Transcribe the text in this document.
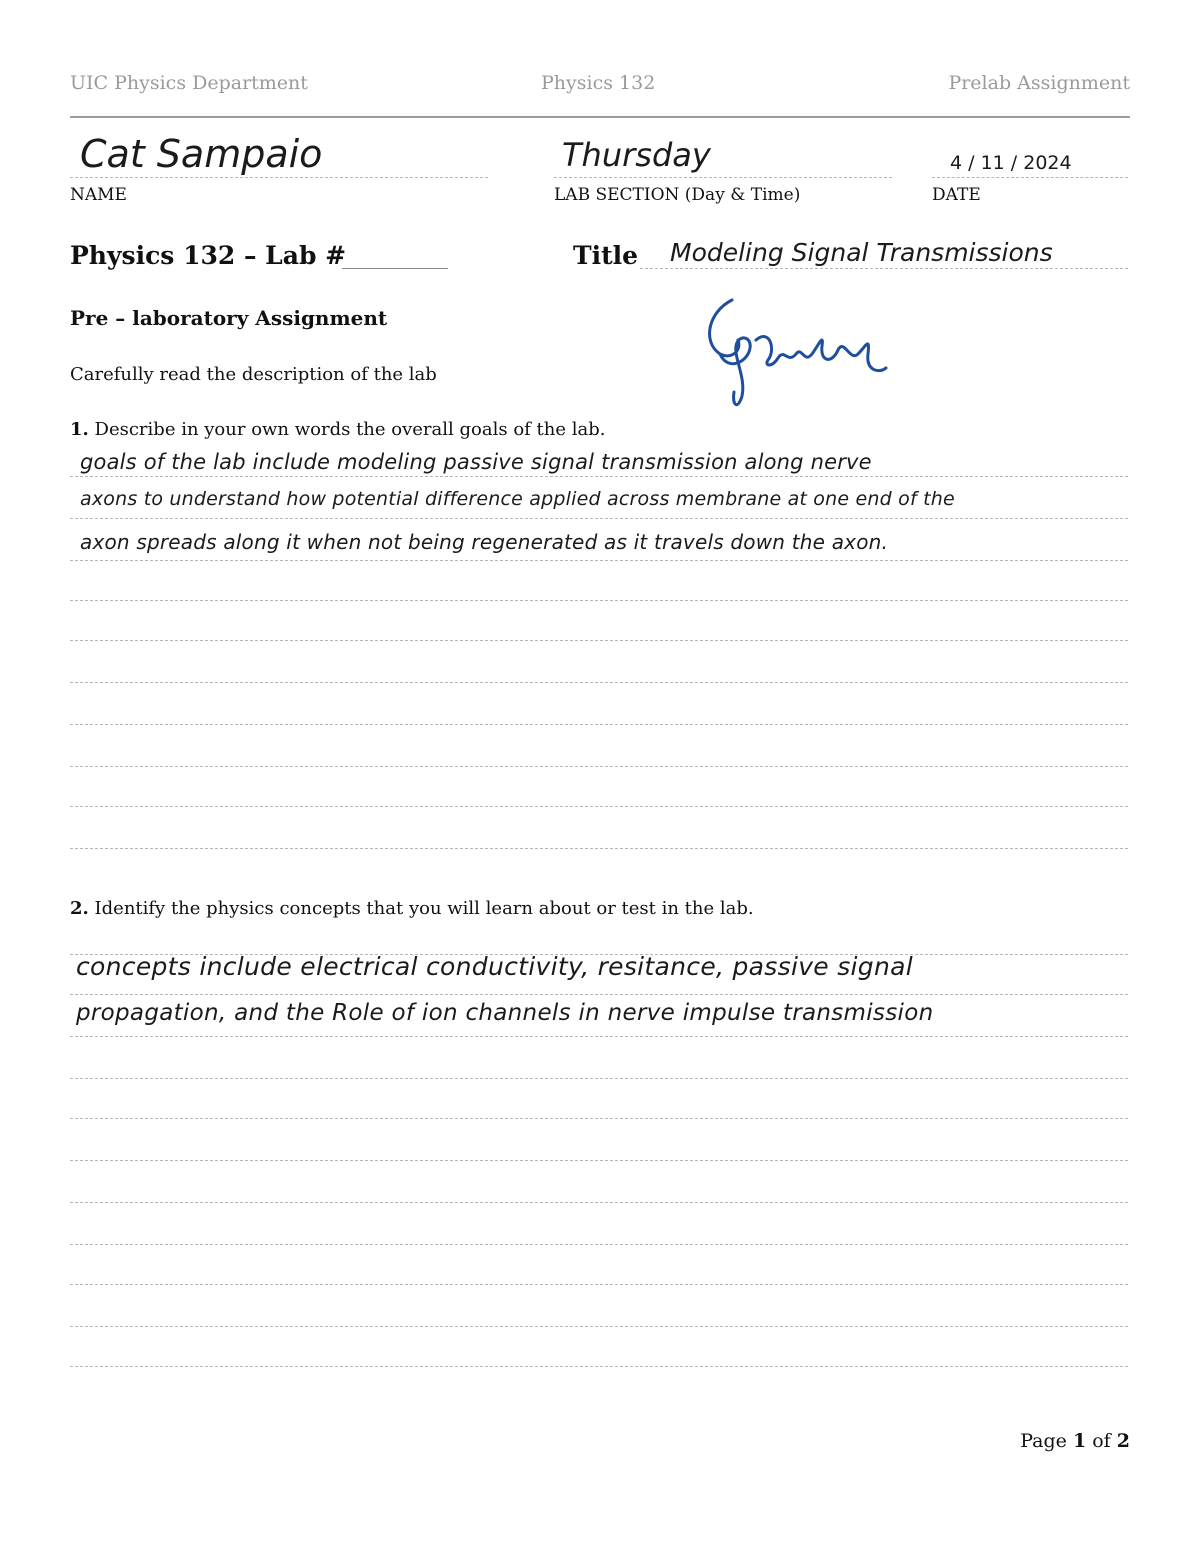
UIC Physics Department	Physics 132	Prelab Assignment
Cat Sampaio
NAME
Thursday
LAB SECTION (Day & Time)
4 / 11 / 2024
DATE
Physics 132 – Lab #	Title Modeling Signal Transmissions
Pre – laboratory Assignment
Carefully read the description of the lab
1. Describe in your own words the overall goals of the lab.
goals of the lab include modeling passive signal transmission along nerve
axons to understand how potential difference applied across membrane at one end of the
axon spreads along it when not being regenerated as it travels down the axon.
2. Identify the physics concepts that you will learn about or test in the lab.
concepts include electrical conductivity, resitance, passive signal
propagation, and the Role of ion channels in nerve impulse transmission
Page 1 of 2
